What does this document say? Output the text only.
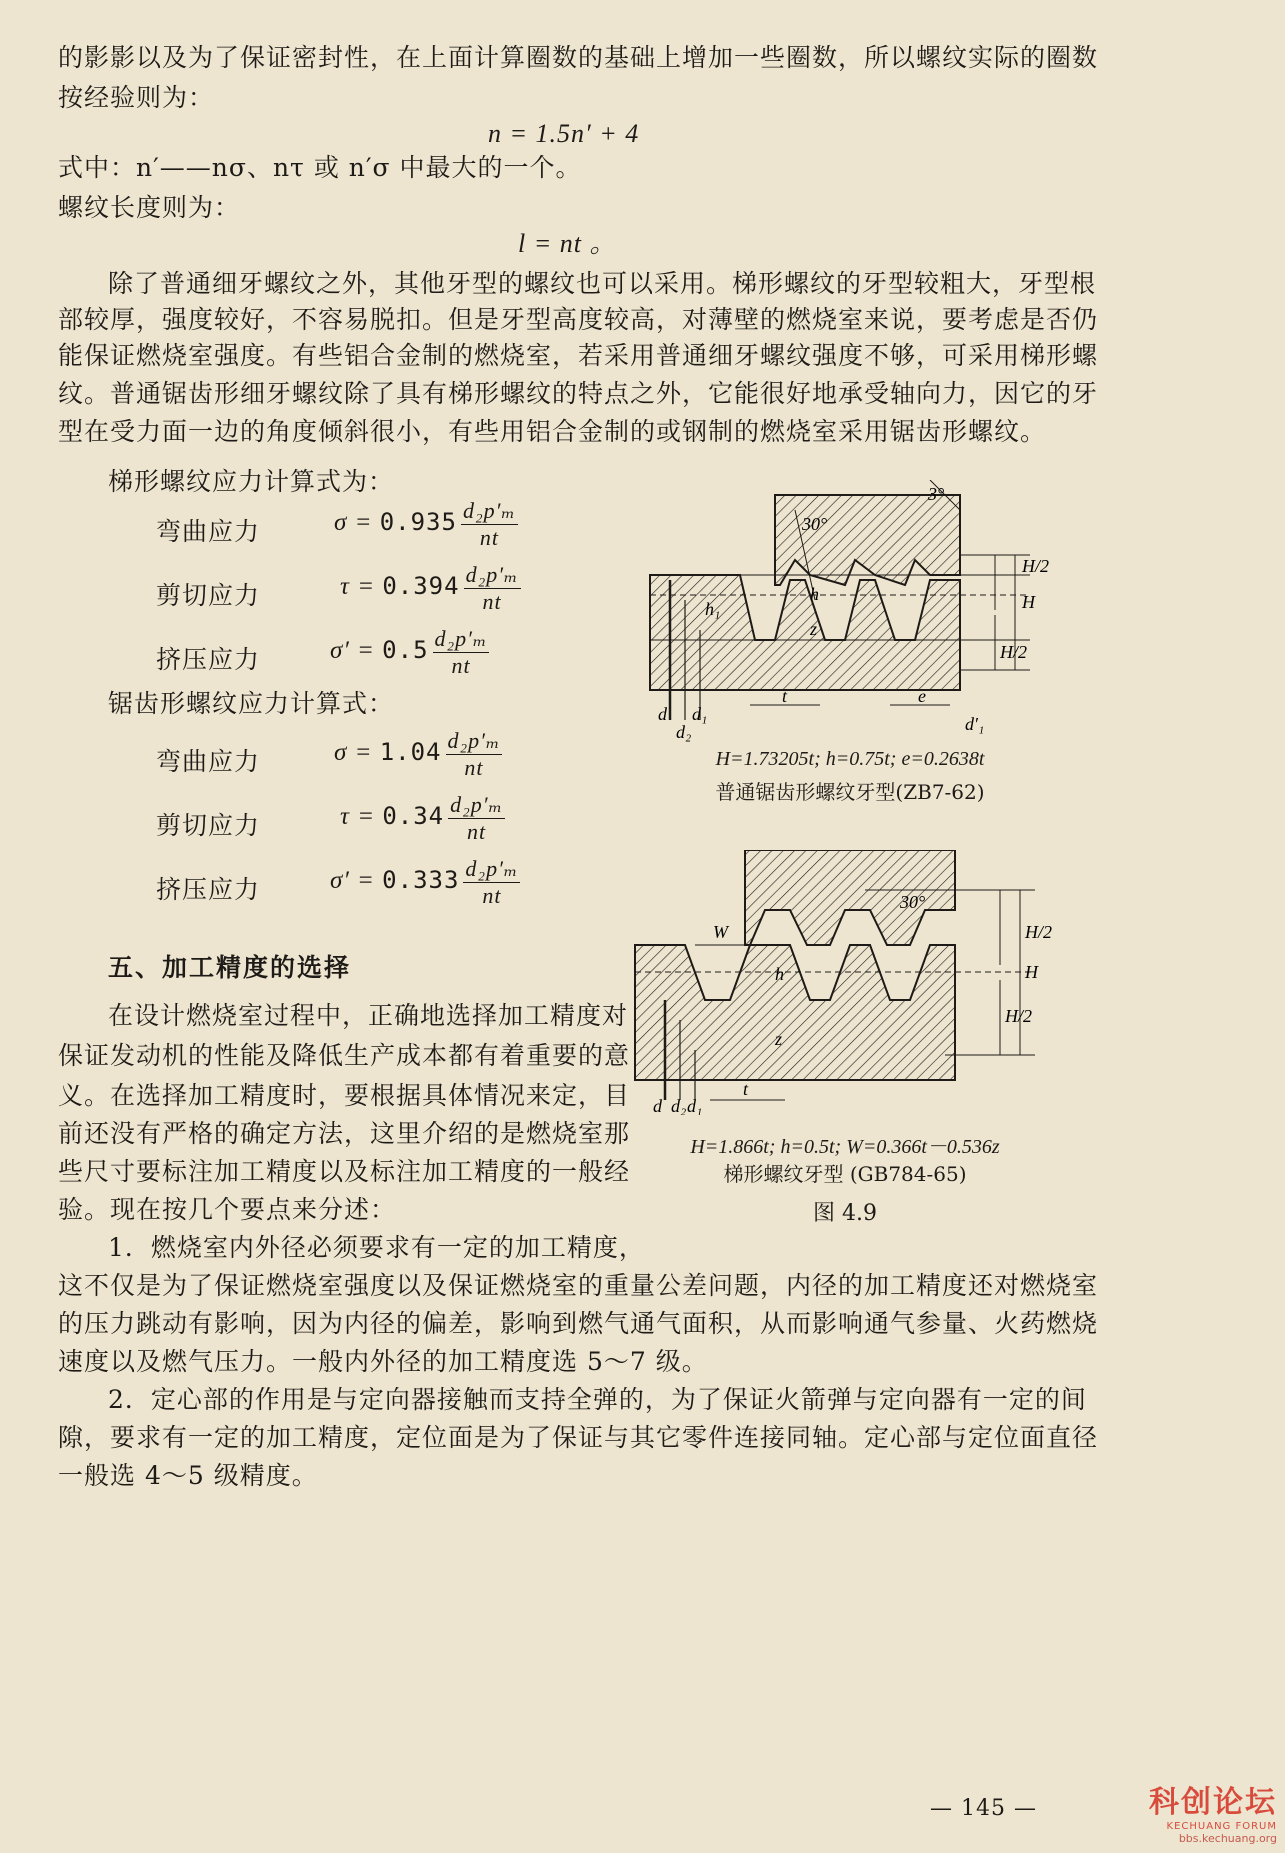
的影影以及为了保证密封性，在上面计算圈数的基础上增加一些圈数，所以螺纹实际的圈数
按经验则为：
n = 1.5n′ + 4
式中：n′——nσ、nτ 或 n′σ 中最大的一个。
螺纹长度则为：
l = nt 。
除了普通细牙螺纹之外，其他牙型的螺纹也可以采用。梯形螺纹的牙型较粗大，牙型根
部较厚，强度较好，不容易脱扣。但是牙型高度较高，对薄壁的燃烧室来说，要考虑是否仍
能保证燃烧室强度。有些铝合金制的燃烧室，若采用普通细牙螺纹强度不够，可采用梯形螺
纹。普通锯齿形细牙螺纹除了具有梯形螺纹的特点之外，它能很好地承受轴向力，因它的牙
型在受力面一边的角度倾斜很小，有些用铝合金制的或钢制的燃烧室采用锯齿形螺纹。
梯形螺纹应力计算式为：
弯曲应力	$\sigma = 0.935 \frac{\text{d₂p′ₘ}}{nt}$
剪切应力	$\tau = 0.394 \frac{\text{d₂p′ₘ}}{nt}$
挤压应力	$\sigma' = 0.5 \frac{\text{d₂p′ₘ}}{nt}$
锯齿形螺纹应力计算式：
弯曲应力	$\sigma = 1.04 \frac{\text{d₂p′ₘ}}{nt}$
剪切应力	$\tau = 0.34 \frac{\text{d₂p′ₘ}}{nt}$
挤压应力	$\sigma' = 0.333 \frac{\text{d₂p′ₘ}}{nt}$
五、加工精度的选择
在设计燃烧室过程中，正确地选择加工精度对
保证发动机的性能及降低生产成本都有着重要的意
义。在选择加工精度时，要根据具体情况来定，目
前还没有严格的确定方法，这里介绍的是燃烧室那
些尺寸要标注加工精度以及标注加工精度的一般经
验。现在按几个要点来分述：
1．燃烧室内外径必须要求有一定的加工精度，
这不仅是为了保证燃烧室强度以及保证燃烧室的重量公差问题，内径的加工精度还对燃烧室
的压力跳动有影响，因为内径的偏差，影响到燃气通气面积，从而影响通气参量、火药燃烧
速度以及燃气压力。一般内外径的加工精度选 5～7 级。
2．定心部的作用是与定向器接触而支持全弹的，为了保证火箭弹与定向器有一定的间
隙，要求有一定的加工精度，定位面是为了保证与其它零件连接同轴。定心部与定位面直径
一般选 4～5 级精度。
30°
3°
H/2
H
H/2
h₁
h
z
t	e
d
d₂
d₁	d′₁
H=1.73205t; h=0.75t; e=0.2638t
普通锯齿形螺纹牙型(ZB7-62)
W
h
z
30°
H/2
H
H/2
d d₂ d₁
t
H=1.866t; h=0.5t; W=0.366t－0.536z
梯形螺纹牙型 (GB784-65)
图 4.9
— 145 —	科创论坛
KECHUANG FORUM
bbs.kechuang.org
